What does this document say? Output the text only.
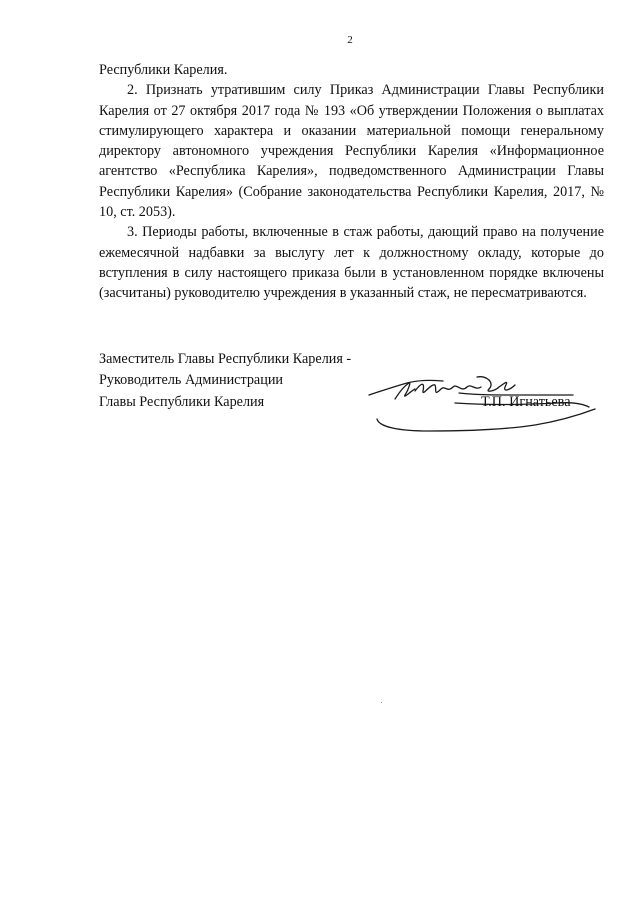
2

Республики Карелия.

2. Признать утратившим силу Приказ Администрации Главы Республики Карелия от 27 октября 2017 года № 193 «Об утверждении Положения о выплатах стимулирующего характера и оказании материальной помощи генеральному директору автономного учреждения Республики Карелия «Информационное агентство «Республика Карелия», подведомственного Администрации Главы Республики Карелия» (Собрание законодательства Республики Карелия, 2017, № 10, ст. 2053).

3. Периоды работы, включенные в стаж работы, дающий право на получение ежемесячной надбавки за выслугу лет к должностному окладу, которые до вступления в силу настоящего приказа были в установленном порядке включены (засчитаны) руководителю учреждения в указанный стаж, не пересматриваются.

Заместитель Главы Республики Карелия -
Руководитель Администрации
Главы Республики Карелия	Т.П. Игнатьева
